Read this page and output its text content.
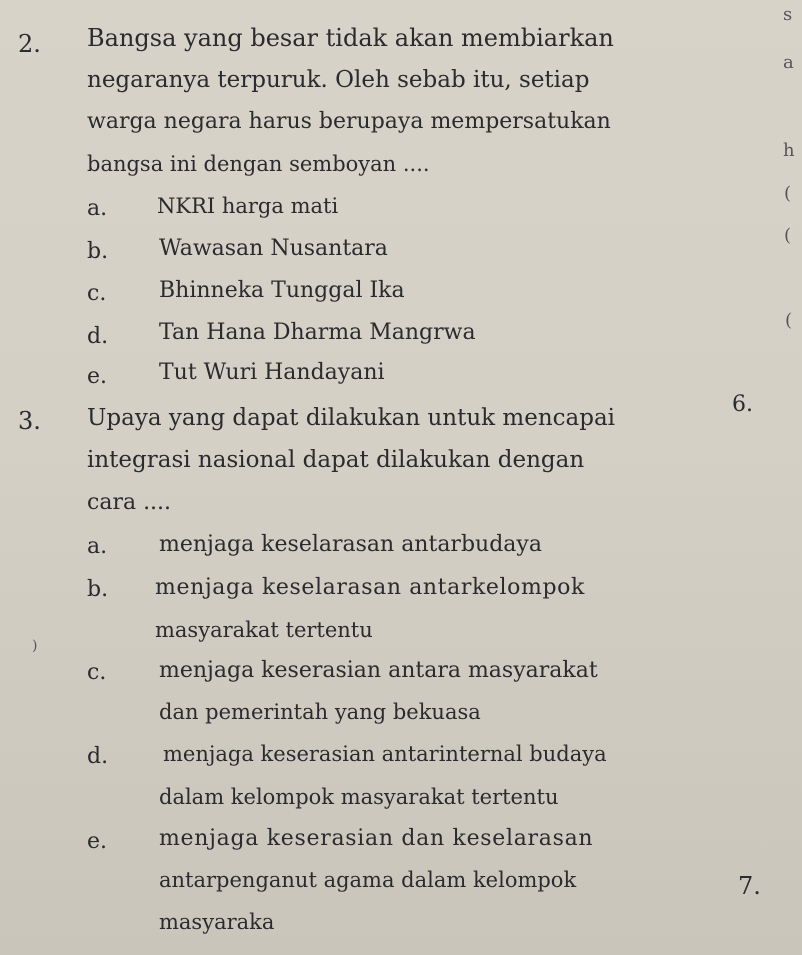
2. Bangsa yang besar tidak akan membiarkan
negaranya terpuruk. Oleh sebab itu, setiap
warga negara harus berupaya mempersatukan
bangsa ini dengan semboyan ....
a. NKRI harga mati
b. Wawasan Nusantara
c. Bhinneka Tunggal Ika
d. Tan Hana Dharma Mangrwa
e. Tut Wuri Handayani
3. Upaya yang dapat dilakukan untuk mencapai
integrasi nasional dapat dilakukan dengan
cara ....
a. menjaga keselarasan antarbudaya
b. menjaga keselarasan antarkelompok
masyarakat tertentu
c. menjaga keserasian antara masyarakat
dan pemerintah yang bekuasa
d.	menjaga keserasian antarinternal budaya
dalam kelompok masyarakat tertentu
e. menjaga keserasian dan keselarasan
antarpenganut agama dalam kelompok
masyaraka
6.
7.
s
a
h
(
(
(
)
